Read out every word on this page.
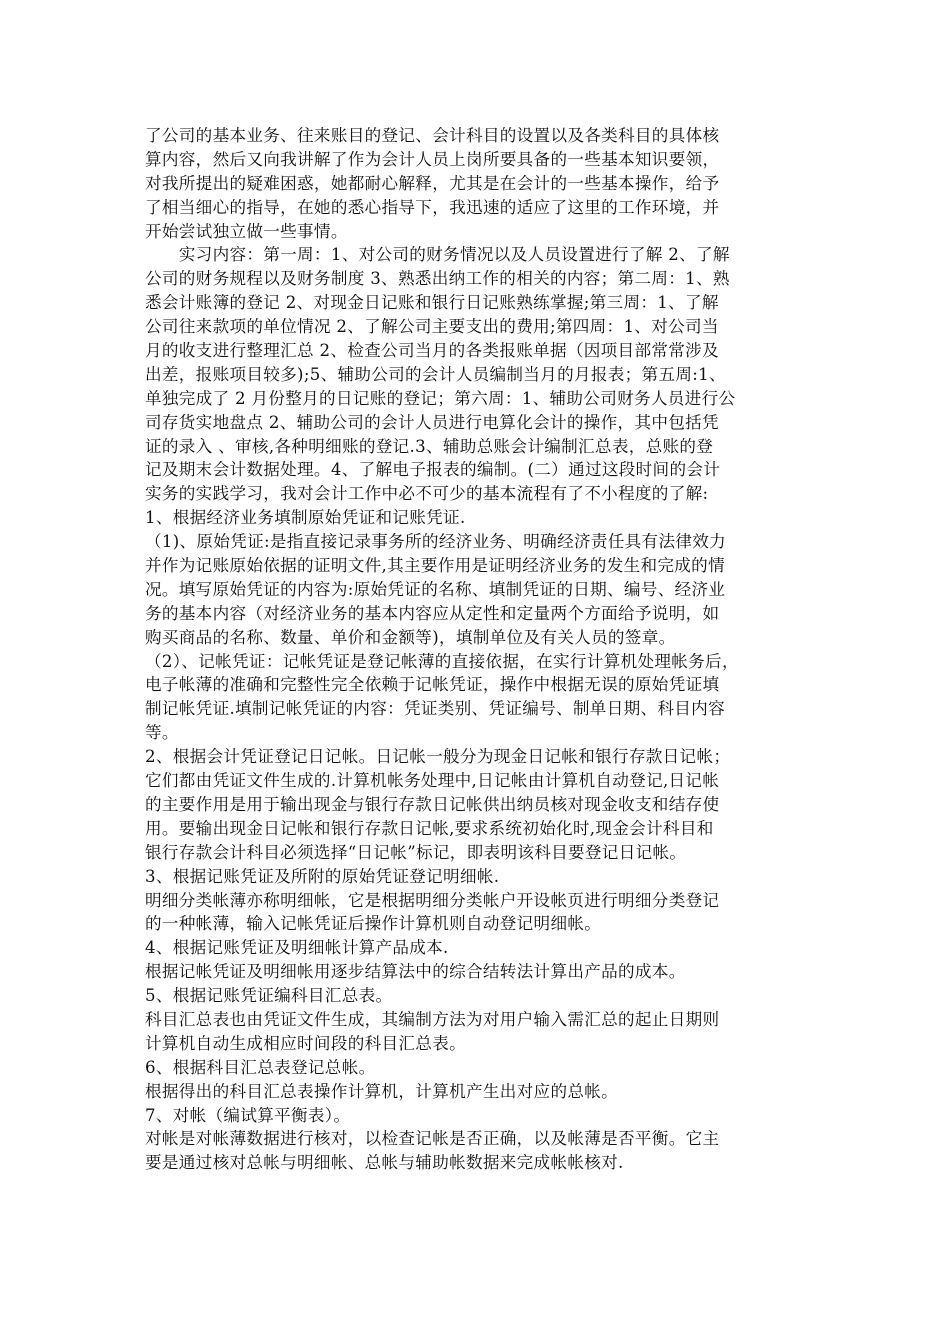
了公司的基本业务、往来账目的登记、会计科目的设置以及各类科目的具体核
算内容，然后又向我讲解了作为会计人员上岗所要具备的一些基本知识要领，
对我所提出的疑难困惑，她都耐心解释，尤其是在会计的一些基本操作，给予
了相当细心的指导，在她的悉心指导下，我迅速的适应了这里的工作环境，并
开始尝试独立做一些事情。
　　实习内容：第一周：1、对公司的财务情况以及人员设置进行了解 2、了解
公司的财务规程以及财务制度 3、熟悉出纳工作的相关的内容；第二周：1、熟
悉会计账簿的登记 2、对现金日记账和银行日记账熟练掌握;第三周：1、了解
公司往来款项的单位情况 2、了解公司主要支出的费用;第四周：1、对公司当
月的收支进行整理汇总 2、检查公司当月的各类报账单据（因项目部常常涉及
出差，报账项目较多);5、辅助公司的会计人员编制当月的月报表；第五周:1、
单独完成了 2 月份整月的日记账的登记；第六周：1、辅助公司财务人员进行公
司存货实地盘点 2、辅助公司的会计人员进行电算化会计的操作，其中包括凭
证的录入 、审核,各种明细账的登记.3、辅助总账会计编制汇总表，总账的登
记及期末会计数据处理。4、了解电子报表的编制。(二）通过这段时间的会计
实务的实践学习，我对会计工作中必不可少的基本流程有了不小程度的了解:
1、根据经济业务填制原始凭证和记账凭证.
（1)、原始凭证:是指直接记录事务所的经济业务、明确经济责任具有法律效力
并作为记账原始依据的证明文件,其主要作用是证明经济业务的发生和完成的情
况。填写原始凭证的内容为:原始凭证的名称、填制凭证的日期、编号、经济业
务的基本内容（对经济业务的基本内容应从定性和定量两个方面给予说明，如
购买商品的名称、数量、单价和金额等)，填制单位及有关人员的签章。
（2）、记帐凭证：记帐凭证是登记帐薄的直接依据，在实行计算机处理帐务后，
电子帐薄的准确和完整性完全依赖于记帐凭证，操作中根据无误的原始凭证填
制记帐凭证.填制记帐凭证的内容：凭证类别、凭证编号、制单日期、科目内容
等。
2、根据会计凭证登记日记帐。日记帐一般分为现金日记帐和银行存款日记帐；
它们都由凭证文件生成的.计算机帐务处理中,日记帐由计算机自动登记,日记帐
的主要作用是用于输出现金与银行存款日记帐供出纳员核对现金收支和结存使
用。要输出现金日记帐和银行存款日记帐,要求系统初始化时,现金会计科目和
银行存款会计科目必须选择“日记帐”标记，即表明该科目要登记日记帐。
3、根据记账凭证及所附的原始凭证登记明细帐.
明细分类帐薄亦称明细帐，它是根据明细分类帐户开设帐页进行明细分类登记
的一种帐薄，输入记帐凭证后操作计算机则自动登记明细帐。
4、根据记账凭证及明细帐计算产品成本.
根据记帐凭证及明细帐用逐步结算法中的综合结转法计算出产品的成本。
5、根据记账凭证编科目汇总表。
科目汇总表也由凭证文件生成，其编制方法为对用户输入需汇总的起止日期则
计算机自动生成相应时间段的科目汇总表。
6、根据科目汇总表登记总帐。
根据得出的科目汇总表操作计算机，计算机产生出对应的总帐。
7、对帐（编试算平衡表）。
对帐是对帐薄数据进行核对，以检查记帐是否正确，以及帐薄是否平衡。它主
要是通过核对总帐与明细帐、总帐与辅助帐数据来完成帐帐核对.
